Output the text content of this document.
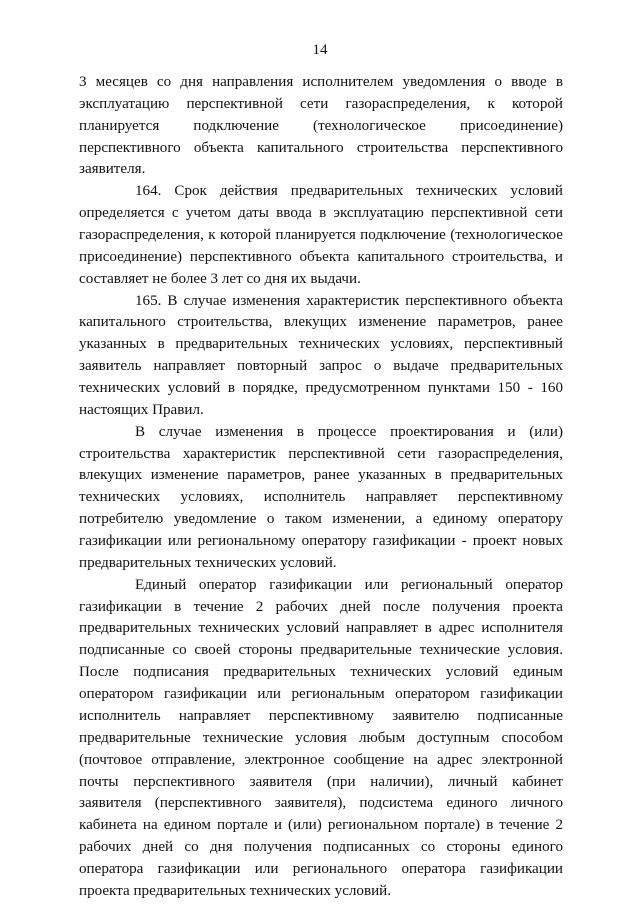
14

3 месяцев со дня направления исполнителем уведомления о вводе в эксплуатацию перспективной сети газораспределения, к которой планируется подключение (технологическое присоединение) перспективного объекта капитального строительства перспективного заявителя.

164. Срок действия предварительных технических условий определяется с учетом даты ввода в эксплуатацию перспективной сети газораспределения, к которой планируется подключение (технологическое присоединение) перспективного объекта капитального строительства, и составляет не более 3 лет со дня их выдачи.

165. В случае изменения характеристик перспективного объекта капитального строительства, влекущих изменение параметров, ранее указанных в предварительных технических условиях, перспективный заявитель направляет повторный запрос о выдаче предварительных технических условий в порядке, предусмотренном пунктами 150 - 160 настоящих Правил.

В случае изменения в процессе проектирования и (или) строительства характеристик перспективной сети газораспределения, влекущих изменение параметров, ранее указанных в предварительных технических условиях, исполнитель направляет перспективному потребителю уведомление о таком изменении, а единому оператору газификации или региональному оператору газификации - проект новых предварительных технических условий.

Единый оператор газификации или региональный оператор газификации в течение 2 рабочих дней после получения проекта предварительных технических условий направляет в адрес исполнителя подписанные со своей стороны предварительные технические условия. После подписания предварительных технических условий единым оператором газификации или региональным оператором газификации исполнитель направляет перспективному заявителю подписанные предварительные технические условия любым доступным способом (почтовое отправление, электронное сообщение на адрес электронной почты перспективного заявителя (при наличии), личный кабинет заявителя (перспективного заявителя), подсистема единого личного кабинета на едином портале и (или) региональном портале) в течение 2 рабочих дней со дня получения подписанных со стороны единого оператора газификации или регионального оператора газификации проекта предварительных технических условий.
